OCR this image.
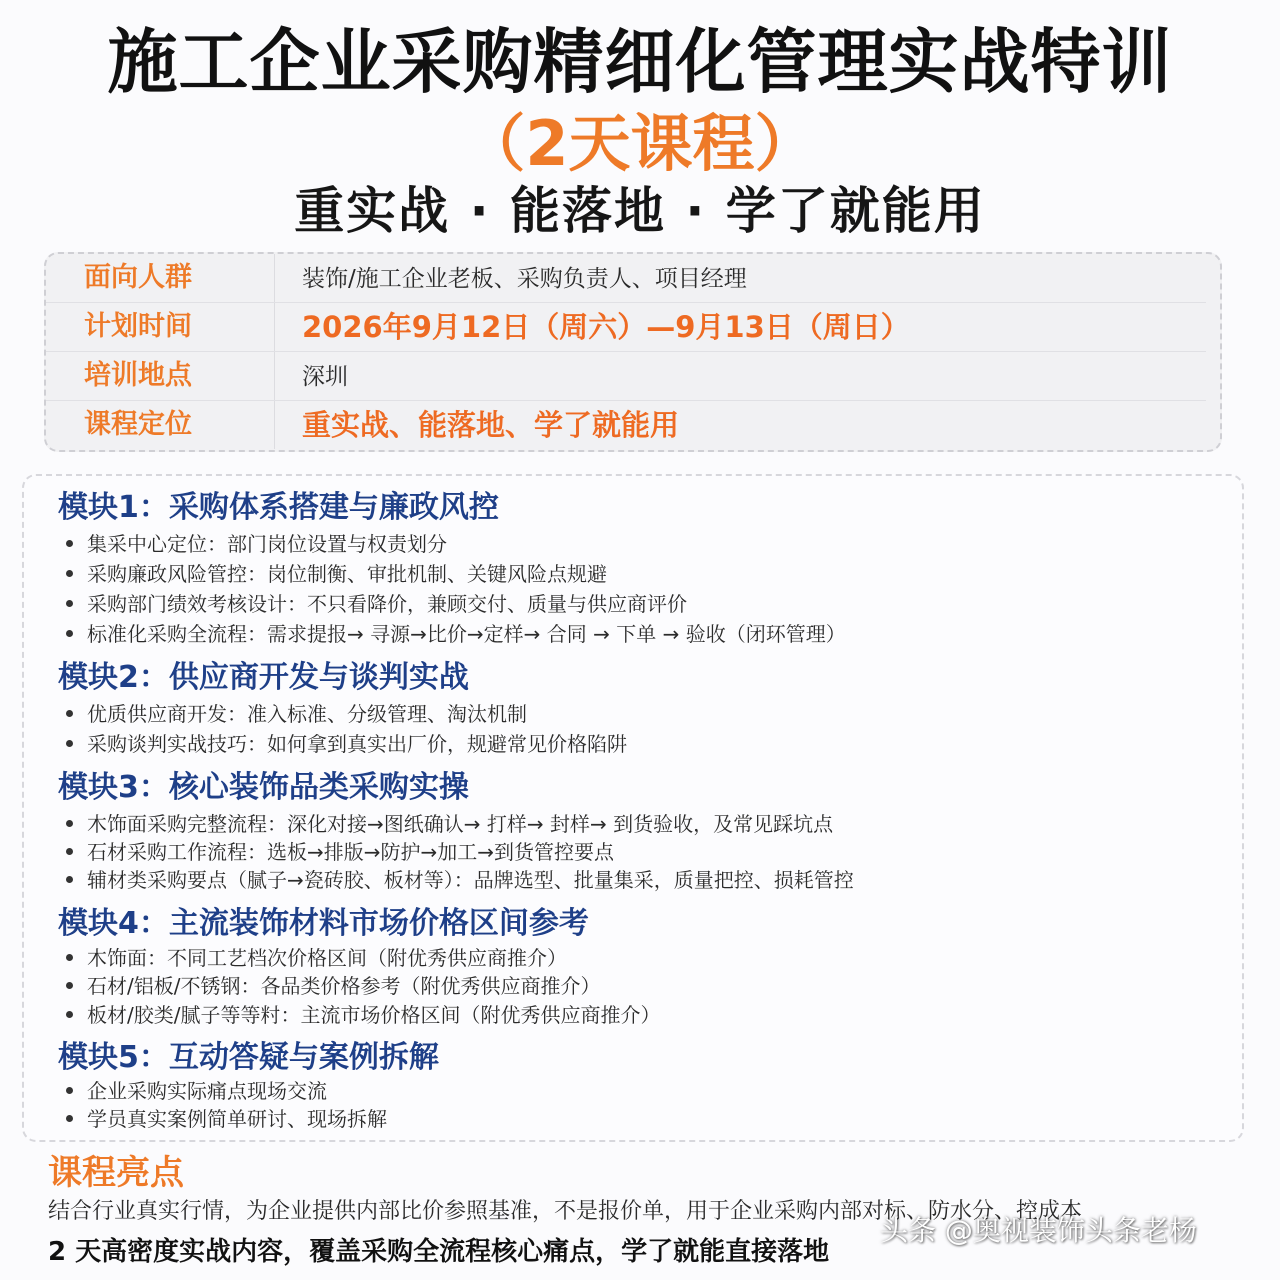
施工企业采购精细化管理实战特训
（2天课程）
重实战 · 能落地 · 学了就能用
面向人群	装饰/施工企业老板、采购负责人、项目经理
计划时间	2026年9月12日（周六）—9月13日（周日）
培训地点	深圳
课程定位	重实战、能落地、学了就能用
模块1：采购体系搭建与廉政风控
集采中心定位：部门岗位设置与权责划分
采购廉政风险管控：岗位制衡、审批机制、关键风险点规避
采购部门绩效考核设计：不只看降价，兼顾交付、质量与供应商评价
标准化采购全流程：需求提报→ 寻源→比价→定样→ 合同 → 下单 → 验收（闭环管理）
模块2：供应商开发与谈判实战
优质供应商开发：准入标准、分级管理、淘汰机制
采购谈判实战技巧：如何拿到真实出厂价，规避常见价格陷阱
模块3：核心装饰品类采购实操
木饰面采购完整流程：深化对接→图纸确认→ 打样→ 封样→ 到货验收，及常见踩坑点
石材采购工作流程：选板→排版→防护→加工→到货管控要点
辅材类采购要点（腻子→瓷砖胶、板材等）：品牌选型、批量集采，质量把控、损耗管控
模块4：主流装饰材料市场价格区间参考
木饰面：不同工艺档次价格区间（附优秀供应商推介）
石材/铝板/不锈钢：各品类价格参考（附优秀供应商推介）
板材/胶类/腻子等等籿：主流市场价格区间（附优秀供应商推介）
模块5：互动答疑与案例拆解
企业采购实际痛点现场交流
学员真实案例简单研讨、现场拆解
课程亮点
结合行业真实行情，为企业提供内部比价参照基准，不是报价单，用于企业采购内部对标、防水分、控成本
2 天高密度实战内容，覆盖采购全流程核心痛点，学了就能直接落地
头条 @奥视装饰头条老杨
